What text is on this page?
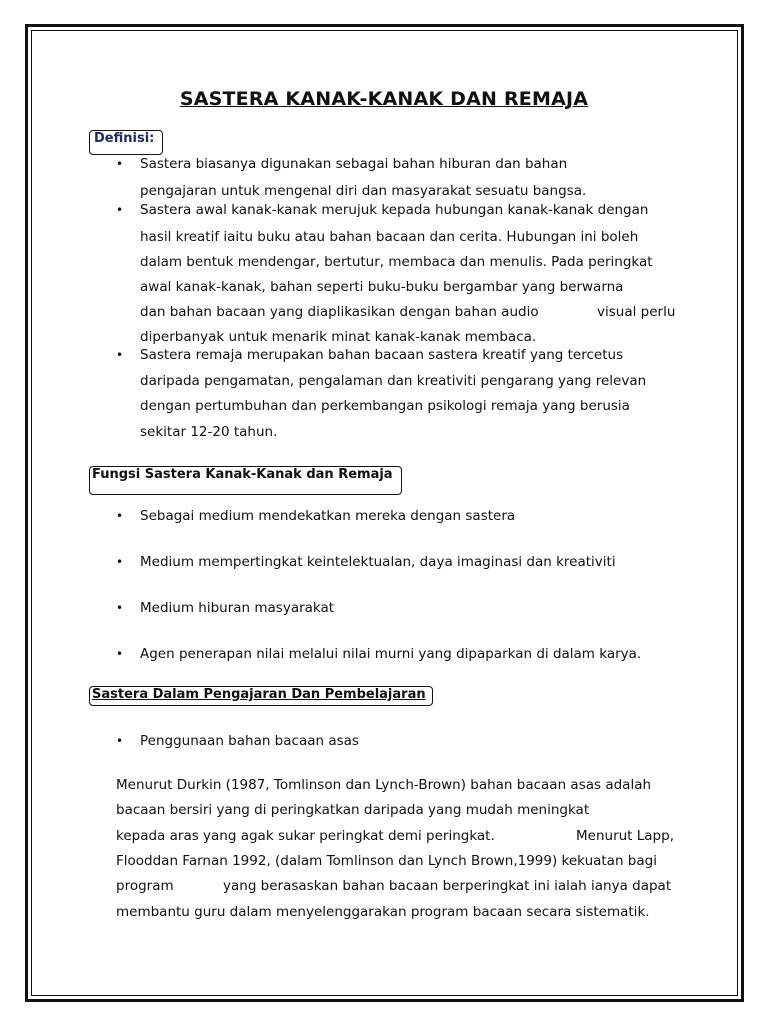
SASTERA KANAK-KANAK DAN REMAJA
Definisi:
• Sastera biasanya digunakan sebagai bahan hiburan dan bahan
pengajaran untuk mengenal diri dan masyarakat sesuatu bangsa.
• Sastera awal kanak-kanak merujuk kepada hubungan kanak-kanak dengan
hasil kreatif iaitu buku atau bahan bacaan dan cerita. Hubungan ini boleh
dalam bentuk mendengar, bertutur, membaca dan menulis. Pada peringkat
awal kanak-kanak, bahan seperti buku-buku bergambar yang berwarna
dan bahan bacaan yang diaplikasikan dengan bahan audio	visual perlu
diperbanyak untuk menarik minat kanak-kanak membaca.
• Sastera remaja merupakan bahan bacaan sastera kreatif yang tercetus
daripada pengamatan, pengalaman dan kreativiti pengarang yang relevan
dengan pertumbuhan dan perkembangan psikologi remaja yang berusia
sekitar 12-20 tahun.
Fungsi Sastera Kanak-Kanak dan Remaja
• Sebagai medium mendekatkan mereka dengan sastera
• Medium mempertingkat keintelektualan, daya imaginasi dan kreativiti
• Medium hiburan masyarakat
• Agen penerapan nilai melalui nilai murni yang dipaparkan di dalam karya.
Sastera Dalam Pengajaran Dan Pembelajaran
• Penggunaan bahan bacaan asas
Menurut Durkin (1987, Tomlinson dan Lynch-Brown) bahan bacaan asas adalah
bacaan bersiri yang di peringkatkan daripada yang mudah meningkat
kepada aras yang agak sukar peringkat demi peringkat.	Menurut Lapp,
Flooddan Farnan 1992, (dalam Tomlinson dan Lynch Brown,1999) kekuatan bagi
program	yang berasaskan bahan bacaan berperingkat ini ialah ianya dapat
membantu guru dalam menyelenggarakan program bacaan secara sistematik.
